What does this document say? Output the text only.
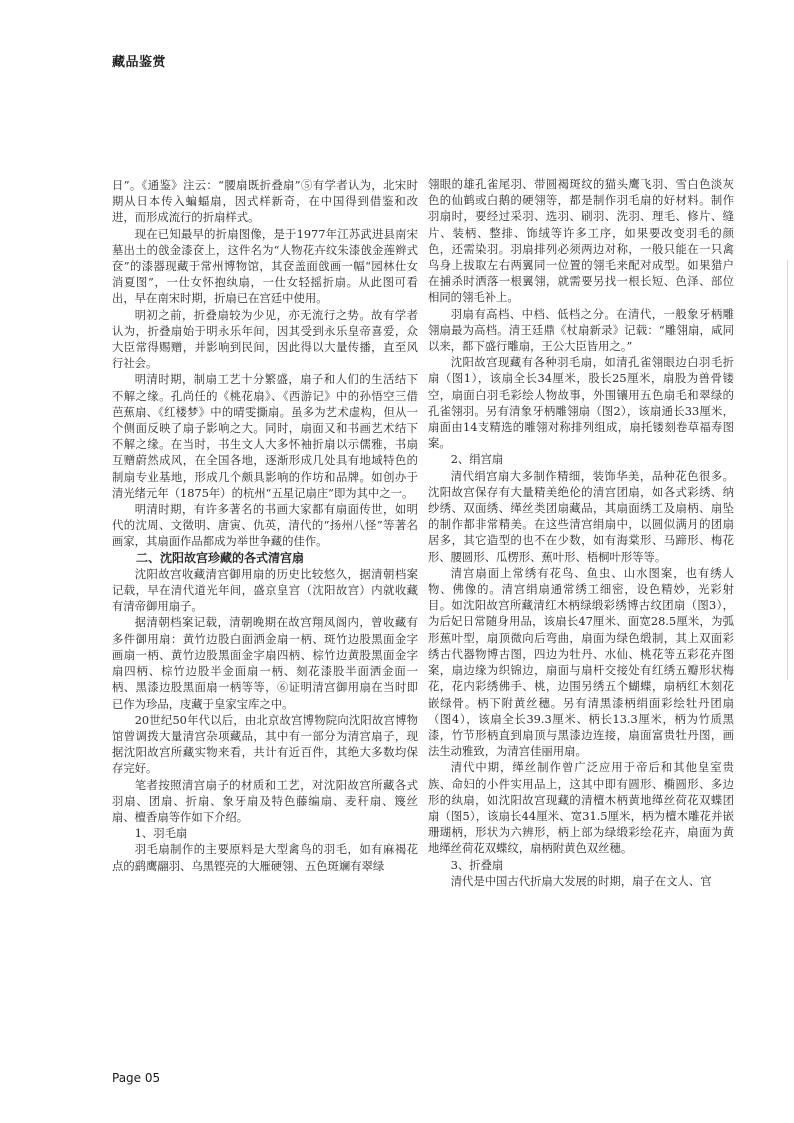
藏品鉴赏

日”。《通鉴》注云：“腰扇既折叠扇”⑤有学者认为，北宋时期从日本传入蝙蝠扇，因式样新奇，在中国得到借鉴和改进，而形成流行的折扇样式。

现在已知最早的折扇图像，是于1977年江苏武进县南宋墓出土的戗金漆奁上，这件名为“人物花卉纹朱漆戗金莲辫式奁”的漆器现藏于常州博物馆，其奁盖面戗画一幅“园林仕女消夏图”，一仕女怀抱纨扇，一仕女轻摇折扇。从此图可看出，早在南宋时期，折扇已在宫廷中使用。

明初之前，折叠扇较为少见，亦无流行之势。故有学者认为，折叠扇始于明永乐年间，因其受到永乐皇帝喜爱，众大臣常得赐赠，并影响到民间，因此得以大量传播，直至风行社会。

明清时期，制扇工艺十分繁盛，扇子和人们的生活结下不解之缘。孔尚任的《桃花扇》、《西游记》中的孙悟空三借芭蕉扇、《红楼梦》中的晴雯撕扇。虽多为艺术虚构，但从一个侧面反映了扇子影响之大。同时，扇面又和书画艺术结下不解之缘。在当时，书生文人大多怀袖折扇以示儒雅，书扇互赠蔚然成风，在全国各地，逐渐形成几处具有地域特色的制扇专业基地，形成几个颇具影响的作坊和品牌。如创办于清光绪元年（1875年）的杭州“五星记扇庄”即为其中之一。

明清时期，有许多著名的书画大家都有扇面传世，如明代的沈周、文徵明、唐寅、仇英，清代的“扬州八怪”等著名画家，其扇面作品都成为举世争藏的佳作。

二、沈阳故宫珍藏的各式清宫扇

沈阳故宫收藏清宫御用扇的历史比较悠久，据清朝档案记载，早在清代道光年间，盛京皇宫（沈阳故宫）内就收藏有清帝御用扇子。

据清朝档案记载，清朝晚期在故宫翔凤阁内，曾收藏有多件御用扇：黄竹边股白面洒金扇一柄、斑竹边股黑面金字画扇一柄、黄竹边股黑面金字扇四柄、棕竹边黄股黑面金字扇四柄、棕竹边股半金面扇一柄、刻花漆股半面洒金面一柄、黑漆边股黑面扇一柄等等，⑥证明清宫御用扇在当时即已作为珍品，庋藏于皇家宝库之中。

20世纪50年代以后，由北京故宫博物院向沈阳故宫博物馆曾调拨大量清宫杂项藏品，其中有一部分为清宫扇子，现据沈阳故宫所藏实物来看，共计有近百件，其绝大多数均保存完好。

笔者按照清宫扇子的材质和工艺，对沈阳故宫所藏各式羽扇、团扇、折扇、象牙扇及特色藤编扇、麦秆扇、篾丝扇、檀香扇等作如下介绍。

1、羽毛扇

羽毛扇制作的主要原料是大型禽鸟的羽毛，如有麻褐花点的鹞鹰翮羽、乌黑铿亮的大雁硬翎、五色斑斓有翠绿

翎眼的雄孔雀尾羽、带圆褐斑纹的猫头鹰飞羽、雪白色淡灰色的仙鹤或白鹅的硬翎等，都是制作羽毛扇的好材料。制作羽扇时，要经过采羽、选羽、刷羽、洗羽、理毛、修片、缝片、装柄、整排、饰绒等许多工序，如果要改变羽毛的颜色，还需染羽。羽扇排列必须两边对称，一般只能在一只禽鸟身上拔取左右两翼同一位置的翎毛来配对成型。如果猎户在捕杀时洒落一根翼翎，就需要另找一根长短、色泽、部位相同的翎毛补上。

羽扇有高档、中档、低档之分。在清代，一般象牙柄雕翎扇最为高档。清王廷鼎《杖扇新录》记载：“雕翎扇，咸同以来，都下盛行雕扇，王公大臣皆用之。”

沈阳故宫现藏有各种羽毛扇，如清孔雀翎眼边白羽毛折扇（图1），该扇全长34厘米，股长25厘米，扇股为兽骨镂空，扇面白羽毛彩绘人物故事，外围镶用五色扇毛和翠绿的孔雀翎羽。另有清象牙柄雕翎扇（图2），该扇通长33厘米，扇面由14支精选的雕翎对称排列组成，扇托镂刻卷草福寿图案。

2、绢宫扇

清代绢宫扇大多制作精细，装饰华美，品种花色很多。沈阳故宫保存有大量精美绝伦的清宫团扇，如各式彩绣、纳纱绣、双面绣、缂丝类团扇藏品，其扇面绣工及扇柄、扇坠的制作都非常精美。在这些清宫绢扇中，以圆似满月的团扇居多，其它造型的也不在少数，如有海棠形、马蹄形、梅花形、腰圆形、瓜楞形、蕉叶形、梧桐叶形等等。

清宫扇面上常绣有花鸟、鱼虫、山水图案，也有绣人物、佛像的。清宫绢扇通常绣工细密，设色精妙，光彩射目。如沈阳故宫所藏清红木柄绿缎彩绣博古纹团扇（图3），为后妃日常随身用品，该扇长47厘米、面宽28.5厘米，为弧形蕉叶型，扇顶微向后弯曲，扇面为绿色缎制，其上双面彩绣古代器物博古图，四边为牡丹、水仙、桃花等五彩花卉图案，扇边缘为织锦边，扇面与扇杆交接处有红绣五瓣形状梅花，花内彩绣佛手、桃，边围另绣五个蝴蝶，扇柄红木刻花嵌绿骨。柄下附黄丝穗。另有清黑漆柄绢面彩绘牡丹团扇（图4），该扇全长39.3厘米、柄长13.3厘米，柄为竹质黑漆，竹节形柄直到扇顶与黑漆边连接，扇面富贵牡丹图，画法生动雅致，为清宫佳丽用扇。

清代中期，缂丝制作曾广泛应用于帝后和其他皇室贵族、命妇的小件实用品上，这其中即有圆形、椭圆形、多边形的纨扇，如沈阳故宫现藏的清檀木柄黄地缂丝荷花双蝶团扇（图5），该扇长44厘米、宽31.5厘米，柄为檀木雕花并嵌珊瑚柄，形状为六辨形，柄上部为绿缎彩绘花卉，扇面为黄地缂丝荷花双蝶纹，扇柄附黄色双丝穗。

3、折叠扇

清代是中国古代折扇大发展的时期，扇子在文人、官

Page 05
